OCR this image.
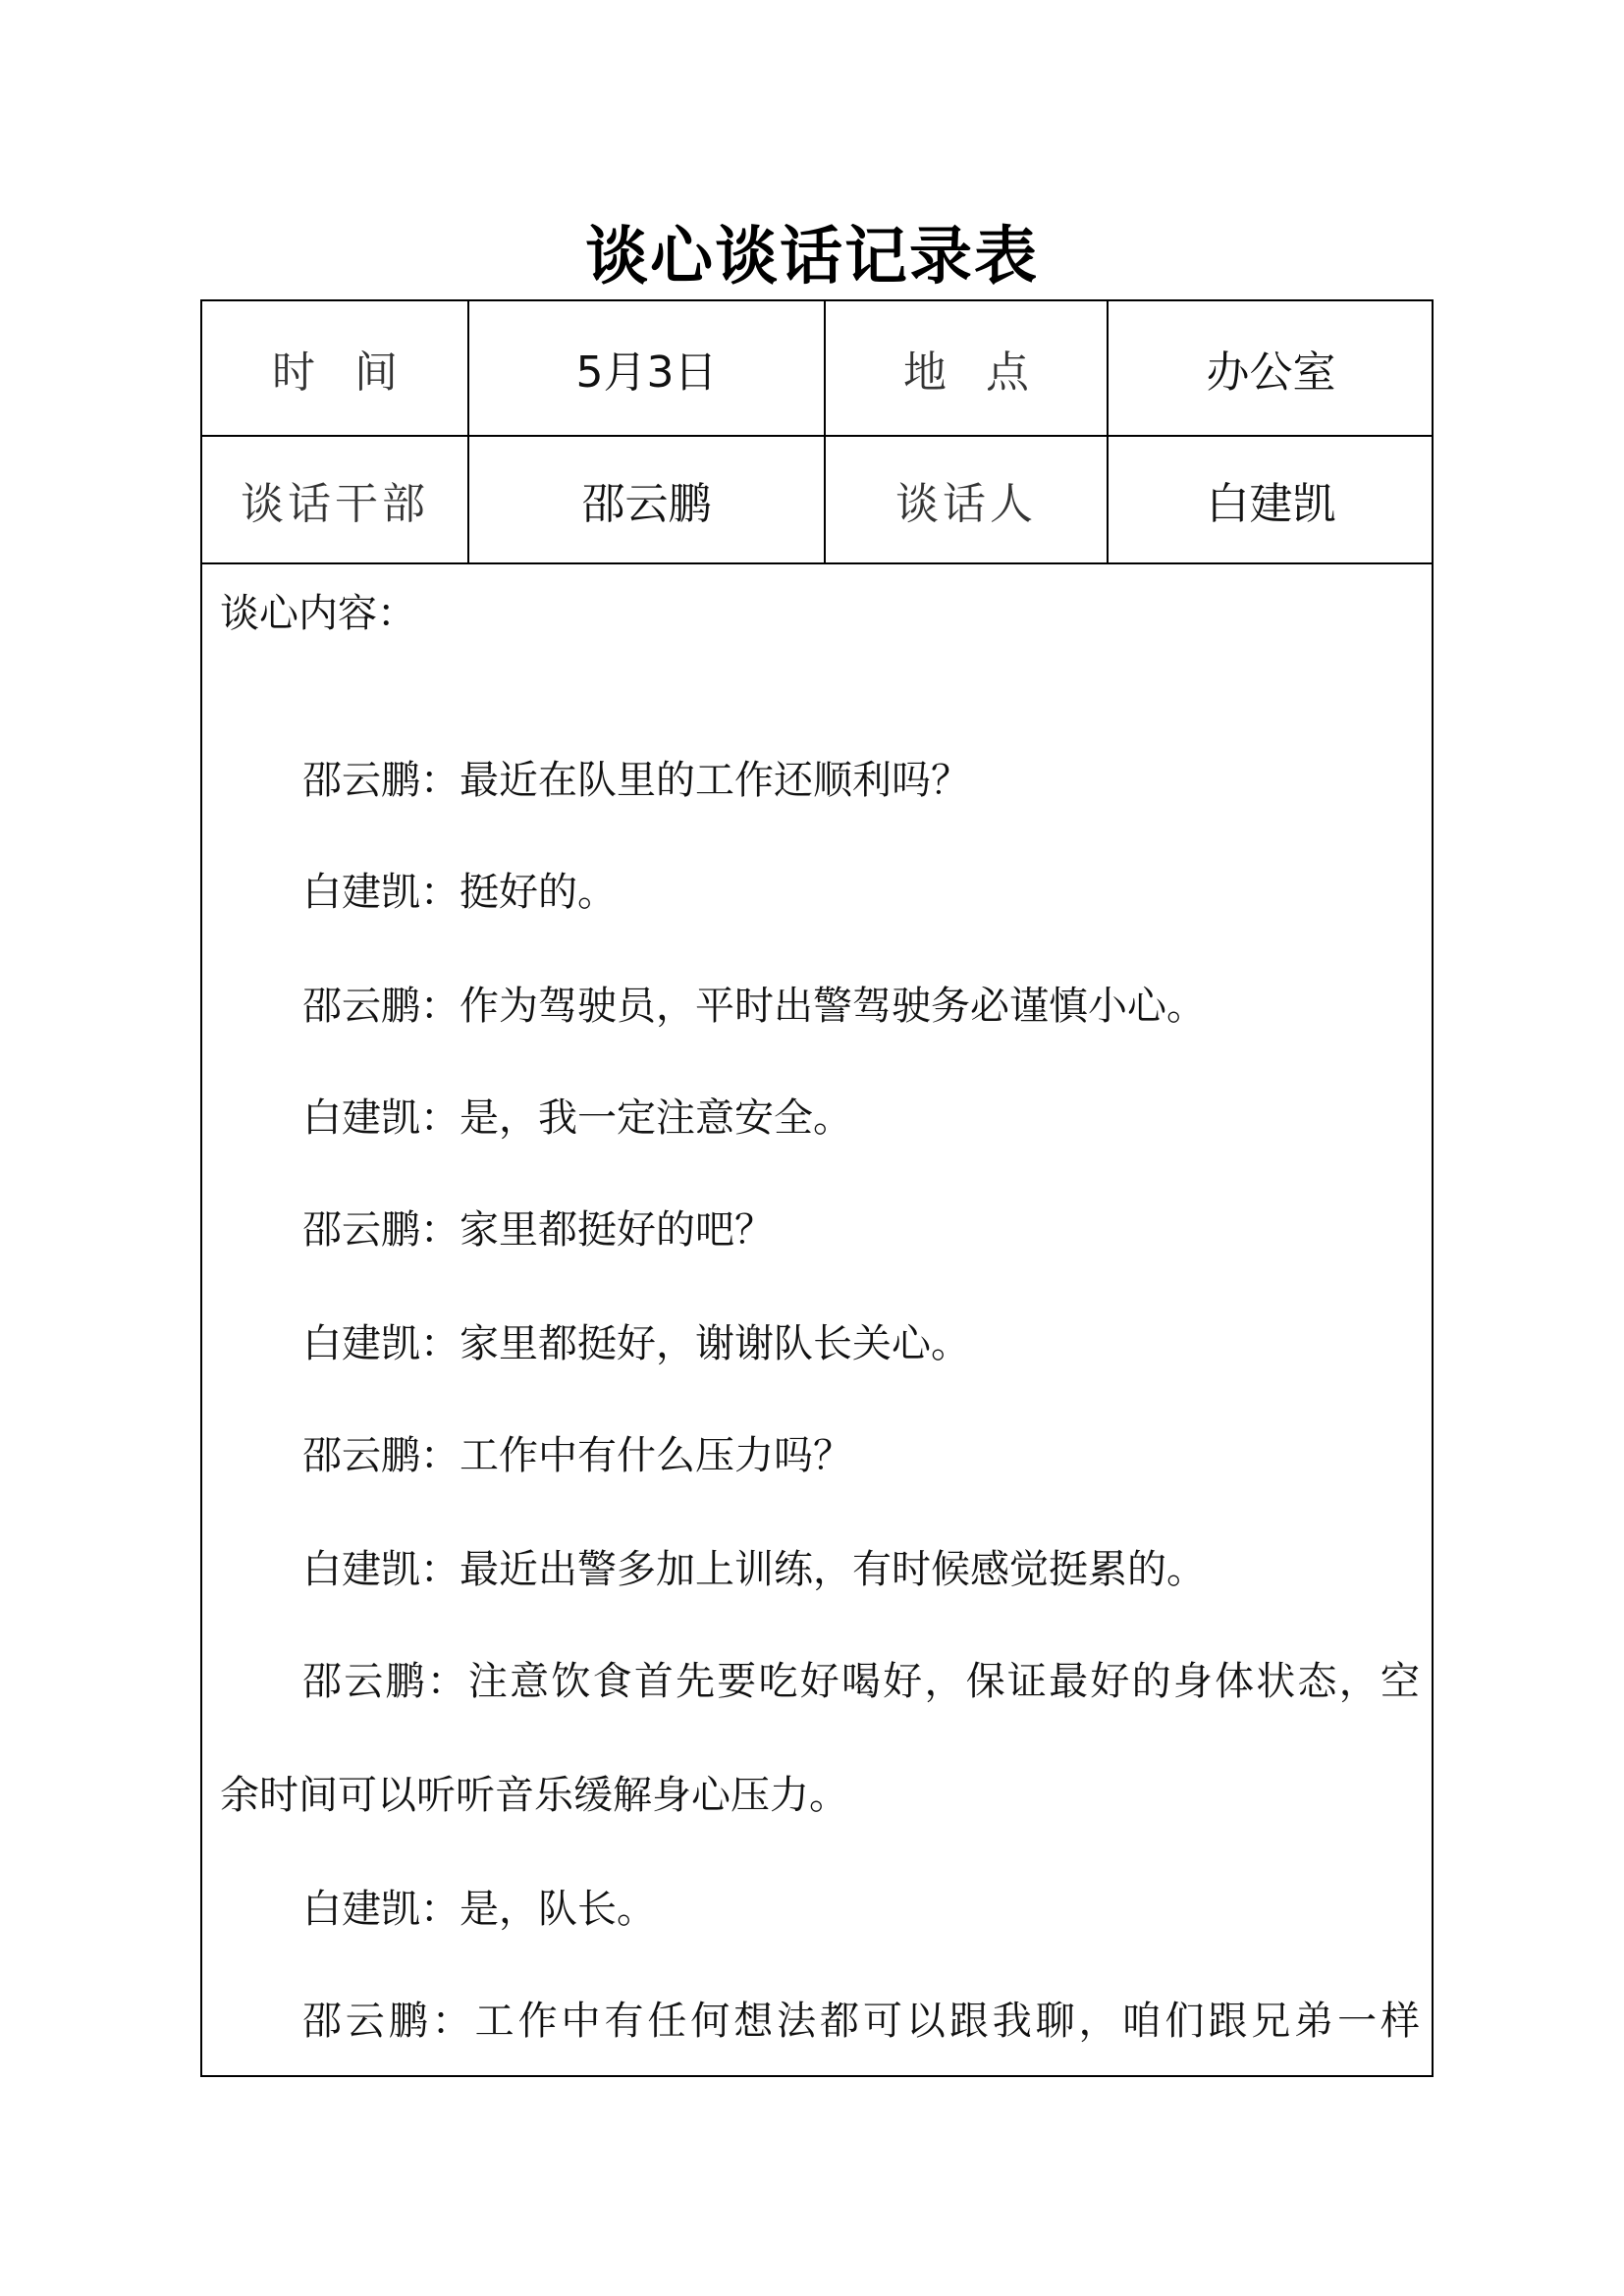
谈心谈话记录表
时间	5月3日	地点	办公室
谈话干部	邵云鹏	谈话人	白建凯
谈心内容：
邵云鹏：最近在队里的工作还顺利吗？
白建凯：挺好的。
邵云鹏：作为驾驶员，平时出警驾驶务必谨慎小心。
白建凯：是，我一定注意安全。
邵云鹏：家里都挺好的吧？
白建凯：家里都挺好，谢谢队长关心。
邵云鹏：工作中有什么压力吗？
白建凯：最近出警多加上训练，有时候感觉挺累的。
邵云鹏：注意饮食首先要吃好喝好，保证最好的身体状态，空
余时间可以听听音乐缓解身心压力。
白建凯：是，队长。
邵云鹏：工作中有任何想法都可以跟我聊，咱们跟兄弟一样
